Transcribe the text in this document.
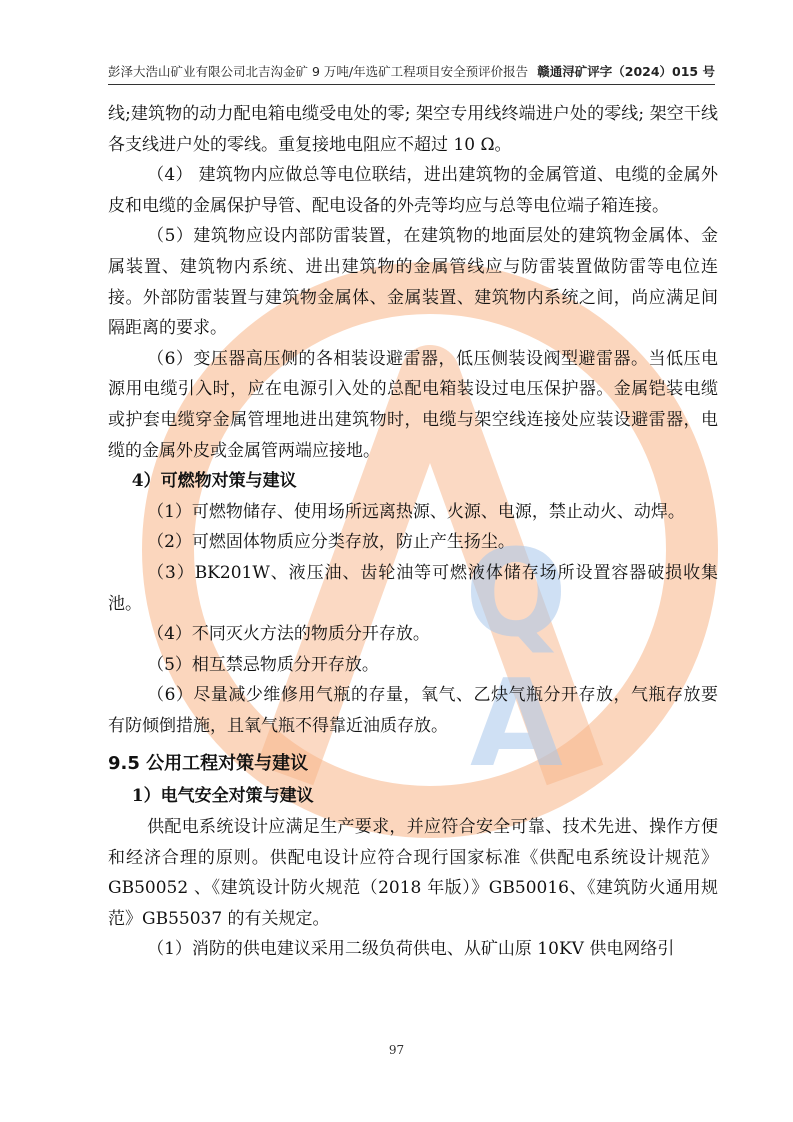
Q
A
彭泽大浩山矿业有限公司北吉沟金矿 9 万吨/年选矿工程项目安全预评价报告 赣通浔矿评字（2024）015 号

线;建筑物的动力配电箱电缆受电处的零; 架空专用线终端进户处的零线; 架空干线各支线进户处的零线。重复接地电阻应不超过 10 Ω。

（4） 建筑物内应做总等电位联结，进出建筑物的金属管道、电缆的金属外皮和电缆的金属保护导管、配电设备的外壳等均应与总等电位端子箱连接。

（5）建筑物应设内部防雷装置，在建筑物的地面层处的建筑物金属体、金属装置、建筑物内系统、进出建筑物的金属管线应与防雷装置做防雷等电位连接。外部防雷装置与建筑物金属体、金属装置、建筑物内系统之间，尚应满足间隔距离的要求。

（6）变压器高压侧的各相装设避雷器，低压侧装设阀型避雷器。当低压电源用电缆引入时，应在电源引入处的总配电箱装设过电压保护器。金属铠装电缆或护套电缆穿金属管埋地进出建筑物时，电缆与架空线连接处应装设避雷器，电缆的金属外皮或金属管两端应接地。

4）可燃物对策与建议

（1）可燃物储存、使用场所远离热源、火源、电源，禁止动火、动焊。

（2）可燃固体物质应分类存放，防止产生扬尘。

（3）BK201W、液压油、齿轮油等可燃液体储存场所设置容器破损收集池。

（4）不同灭火方法的物质分开存放。

（5）相互禁忌物质分开存放。

（6）尽量减少维修用气瓶的存量，氧气、乙炔气瓶分开存放，气瓶存放要有防倾倒措施，且氧气瓶不得靠近油质存放。

9.5 公用工程对策与建议
1）电气安全对策与建议

供配电系统设计应满足生产要求，并应符合安全可靠、技术先进、操作方便和经济合理的原则。供配电设计应符合现行国家标准《供配电系统设计规范》GB50052 、《建筑设计防火规范（2018 年版）》GB50016、《建筑防火通用规范》GB55037 的有关规定。

（1）消防的供电建议采用二级负荷供电、从矿山原 10KV 供电网络引

97
